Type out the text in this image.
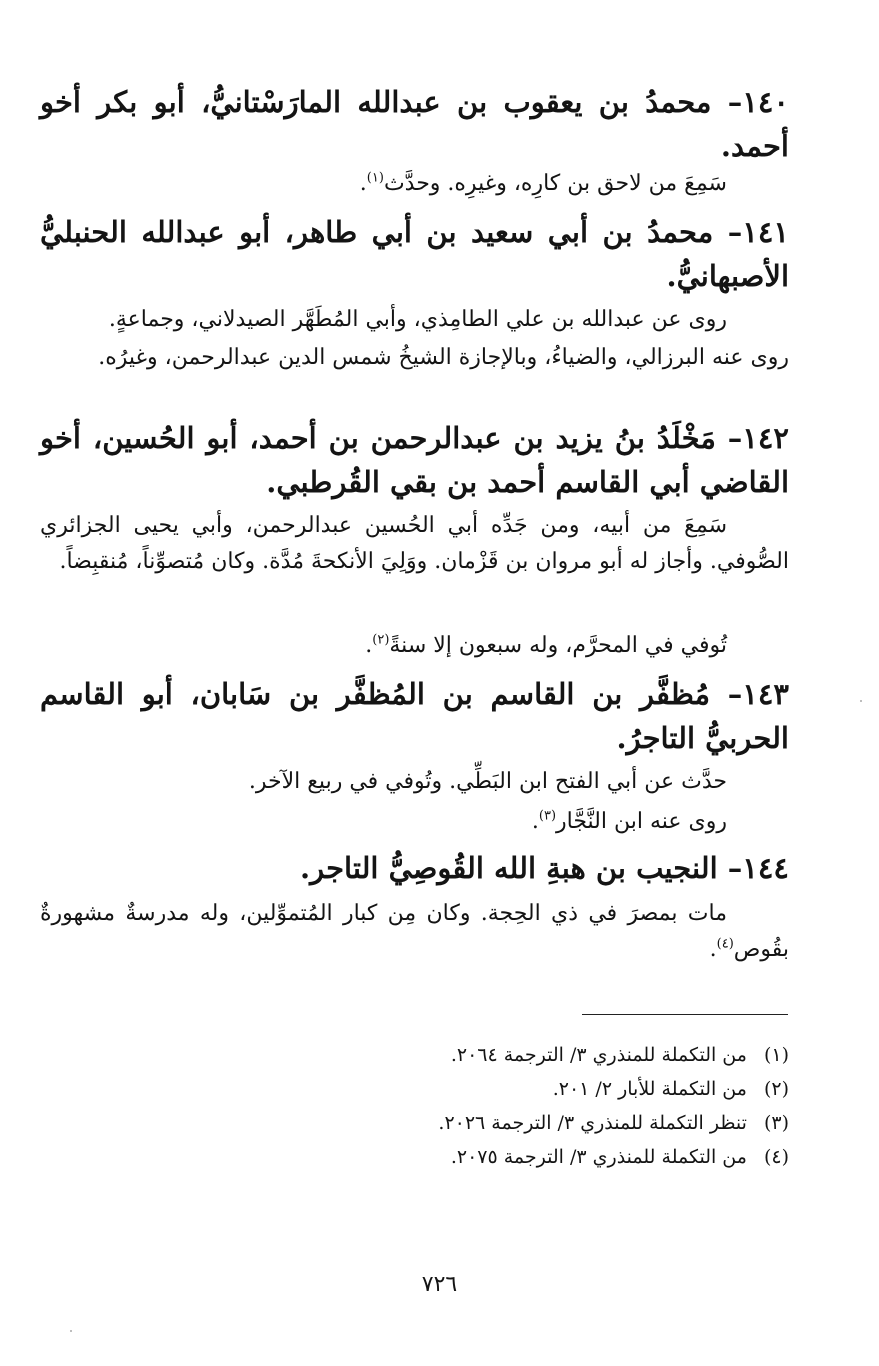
١٤٠– محمدُ بن يعقوب بن عبدالله المارَسْتانيُّ، أبو بكر أخو أحمد.
سَمِعَ من لاحق بن كارِه، وغيرِه. وحدَّث$^{(١)}$.
١٤١– محمدُ بن أبي سعيد بن أبي طاهر، أبو عبدالله الحنبليُّ الأصبهانيُّ.
روى عن عبدالله بن علي الطامِذي، وأبي المُطَهَّر الصيدلاني، وجماعةٍ.
روى عنه البرزالي، والضياءُ، وبالإجازة الشيخُ شمس الدين عبدالرحمن، وغيرُه.
١٤٢– مَخْلَدُ بنُ يزيد بن عبدالرحمن بن أحمد، أبو الحُسين، أخو القاضي أبي القاسم أحمد بن بقي القُرطبي.
سَمِعَ من أبيه، ومن جَدِّه أبي الحُسين عبدالرحمن، وأبي يحيى الجزائري الصُّوفي. وأجاز له أبو مروان بن قَزْمان. ووَلِيَ الأنكحةَ مُدَّة. وكان مُتصوِّناً، مُنقبِضاً.
تُوفي في المحرَّم، وله سبعون إلا سنةً$^{(٢)}$.
١٤٣– مُظفَّر بن القاسم بن المُظفَّر بن سَابان، أبو القاسم الحربيُّ التاجرُ.
حدَّث عن أبي الفتح ابن البَطِّي. وتُوفي في ربيع الآخر.
روى عنه ابن النَّجَّار$^{(٣)}$.
١٤٤– النجيب بن هبةِ الله القُوصِيُّ التاجر.
مات بمصرَ في ذي الحِجة. وكان مِن كبار المُتموِّلين، وله مدرسةٌ مشهورةٌ بقُوص$^{(٤)}$.
(١) من التكملة للمنذري ٣/ الترجمة ٢٠٦٤.
(٢) من التكملة للأبار ٢/ ٢٠١.
(٣) تنظر التكملة للمنذري ٣/ الترجمة ٢٠٢٦.
(٤) من التكملة للمنذري ٣/ الترجمة ٢٠٧٥.
٧٢٦
